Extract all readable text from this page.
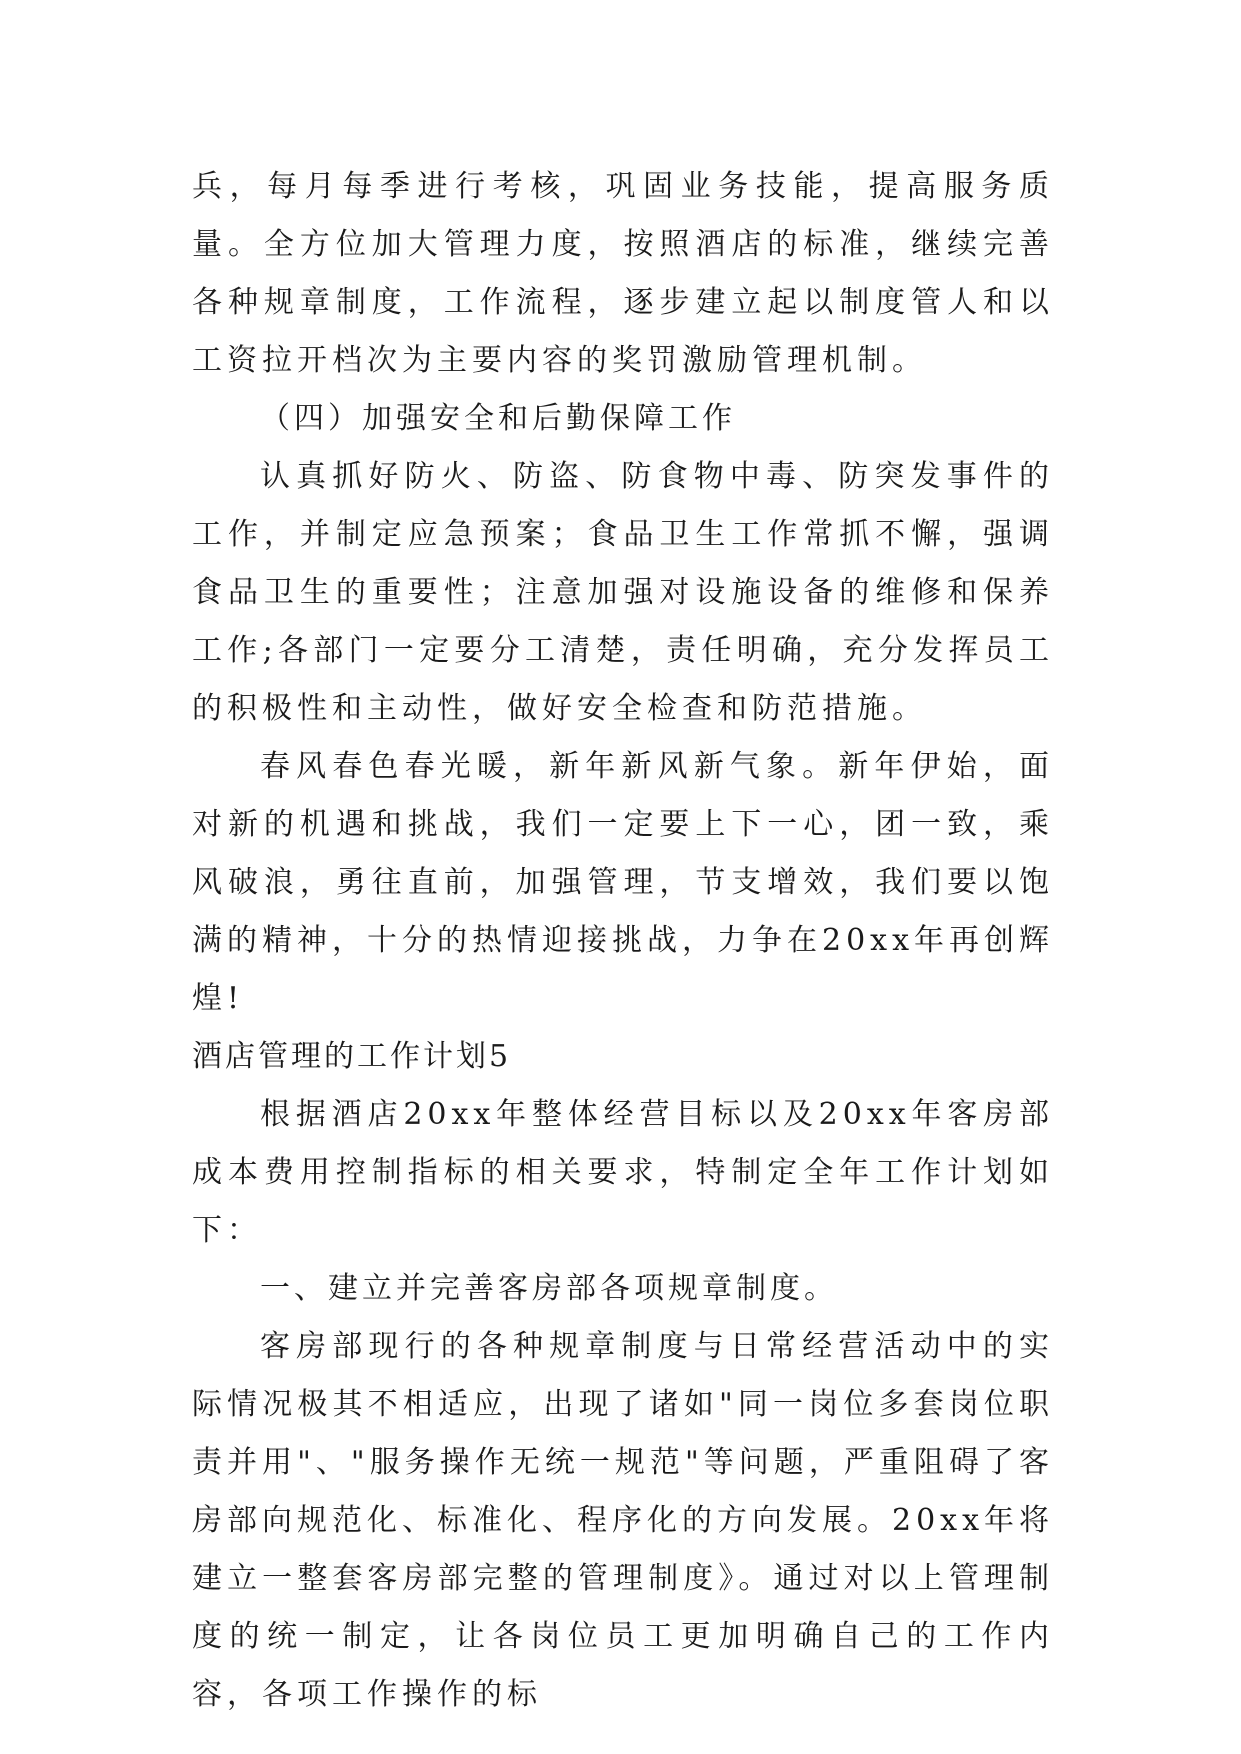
兵，每月每季进行考核，巩固业务技能，提高服务质量。全方位加大管理力度，按照酒店的标准，继续完善各种规章制度，工作流程，逐步建立起以制度管人和以工资拉开档次为主要内容的奖罚激励管理机制。

（四）加强安全和后勤保障工作

认真抓好防火、防盗、防食物中毒、防突发事件的工作，并制定应急预案；食品卫生工作常抓不懈，强调食品卫生的重要性；注意加强对设施设备的维修和保养工作;各部门一定要分工清楚，责任明确，充分发挥员工的积极性和主动性，做好安全检查和防范措施。

春风春色春光暖，新年新风新气象。新年伊始，面对新的机遇和挑战，我们一定要上下一心，团一致，乘风破浪，勇往直前，加强管理，节支增效，我们要以饱满的精神，十分的热情迎接挑战，力争在20xx年再创辉煌!

酒店管理的工作计划5

根据酒店20xx年整体经营目标以及20xx年客房部成本费用控制指标的相关要求，特制定全年工作计划如下：

一、建立并完善客房部各项规章制度。

客房部现行的各种规章制度与日常经营活动中的实际情况极其不相适应，出现了诸如"同一岗位多套岗位职责并用"、"服务操作无统一规范"等问题，严重阻碍了客房部向规范化、标准化、程序化的方向发展。20xx年将建立一整套客房部完整的管理制度》。通过对以上管理制度的统一制定，让各岗位员工更加明确自己的工作内容，各项工作操作的标
